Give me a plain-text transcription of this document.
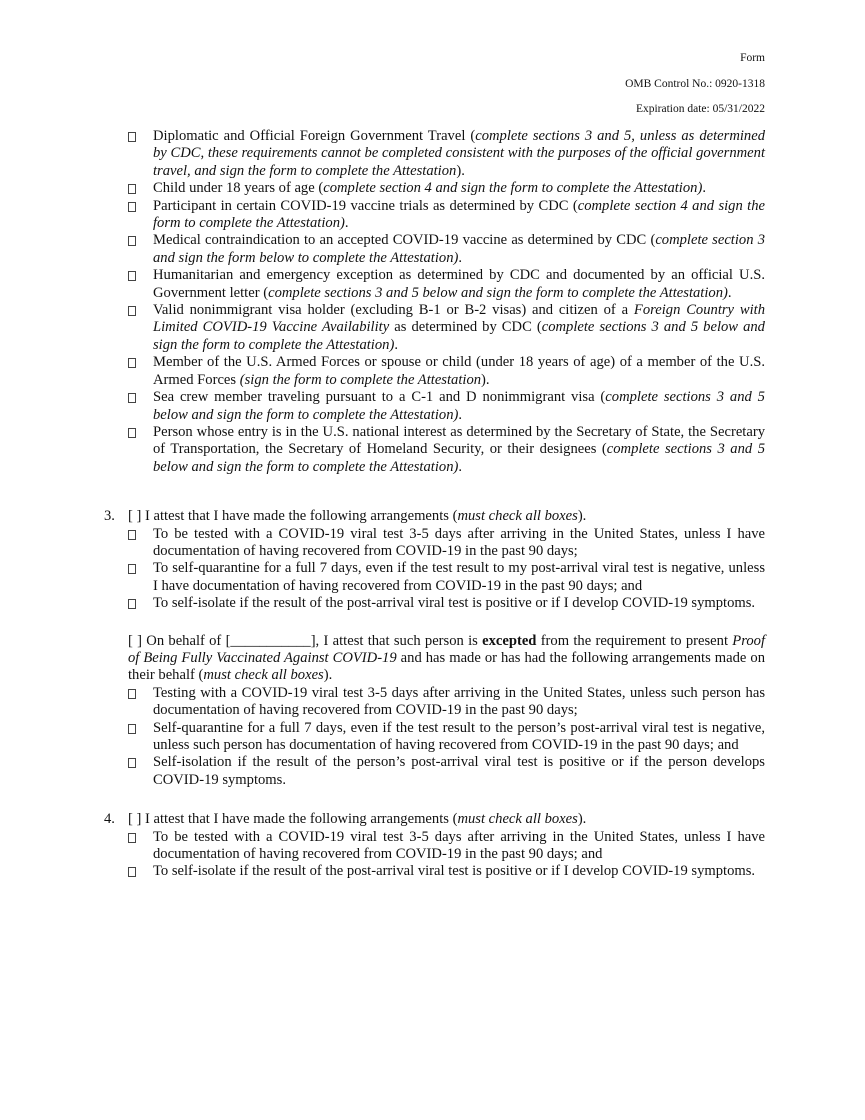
Form
OMB Control No.: 0920-1318
Expiration date: 05/31/2022
Diplomatic and Official Foreign Government Travel (complete sections 3 and 5, unless as determined by CDC, these requirements cannot be completed consistent with the purposes of the official government travel, and sign the form to complete the Attestation).
Child under 18 years of age (complete section 4 and sign the form to complete the Attestation).
Participant in certain COVID-19 vaccine trials as determined by CDC (complete section 4 and sign the form to complete the Attestation).
Medical contraindication to an accepted COVID-19 vaccine as determined by CDC (complete section 3 and sign the form below to complete the Attestation).
Humanitarian and emergency exception as determined by CDC and documented by an official U.S. Government letter (complete sections 3 and 5 below and sign the form to complete the Attestation).
Valid nonimmigrant visa holder (excluding B-1 or B-2 visas) and citizen of a Foreign Country with Limited COVID-19 Vaccine Availability as determined by CDC (complete sections 3 and 5 below and sign the form to complete the Attestation).
Member of the U.S. Armed Forces or spouse or child (under 18 years of age) of a member of the U.S. Armed Forces (sign the form to complete the Attestation).
Sea crew member traveling pursuant to a C-1 and D nonimmigrant visa (complete sections 3 and 5 below and sign the form to complete the Attestation).
Person whose entry is in the U.S. national interest as determined by the Secretary of State, the Secretary of Transportation, the Secretary of Homeland Security, or their designees (complete sections 3 and 5 below and sign the form to complete the Attestation).
3. [ ] I attest that I have made the following arrangements (must check all boxes).
To be tested with a COVID-19 viral test 3-5 days after arriving in the United States, unless I have documentation of having recovered from COVID-19 in the past 90 days;
To self-quarantine for a full 7 days, even if the test result to my post-arrival viral test is negative, unless I have documentation of having recovered from COVID-19 in the past 90 days; and
To self-isolate if the result of the post-arrival viral test is positive or if I develop COVID-19 symptoms.
[ ] On behalf of [___________], I attest that such person is excepted from the requirement to present Proof of Being Fully Vaccinated Against COVID-19 and has made or has had the following arrangements made on their behalf (must check all boxes).
Testing with a COVID-19 viral test 3-5 days after arriving in the United States, unless such person has documentation of having recovered from COVID-19 in the past 90 days;
Self-quarantine for a full 7 days, even if the test result to the person’s post-arrival viral test is negative, unless such person has documentation of having recovered from COVID-19 in the past 90 days; and
Self-isolation if the result of the person’s post-arrival viral test is positive or if the person develops COVID-19 symptoms.
4. [ ] I attest that I have made the following arrangements (must check all boxes).
To be tested with a COVID-19 viral test 3-5 days after arriving in the United States, unless I have documentation of having recovered from COVID-19 in the past 90 days; and
To self-isolate if the result of the post-arrival viral test is positive or if I develop COVID-19 symptoms.
